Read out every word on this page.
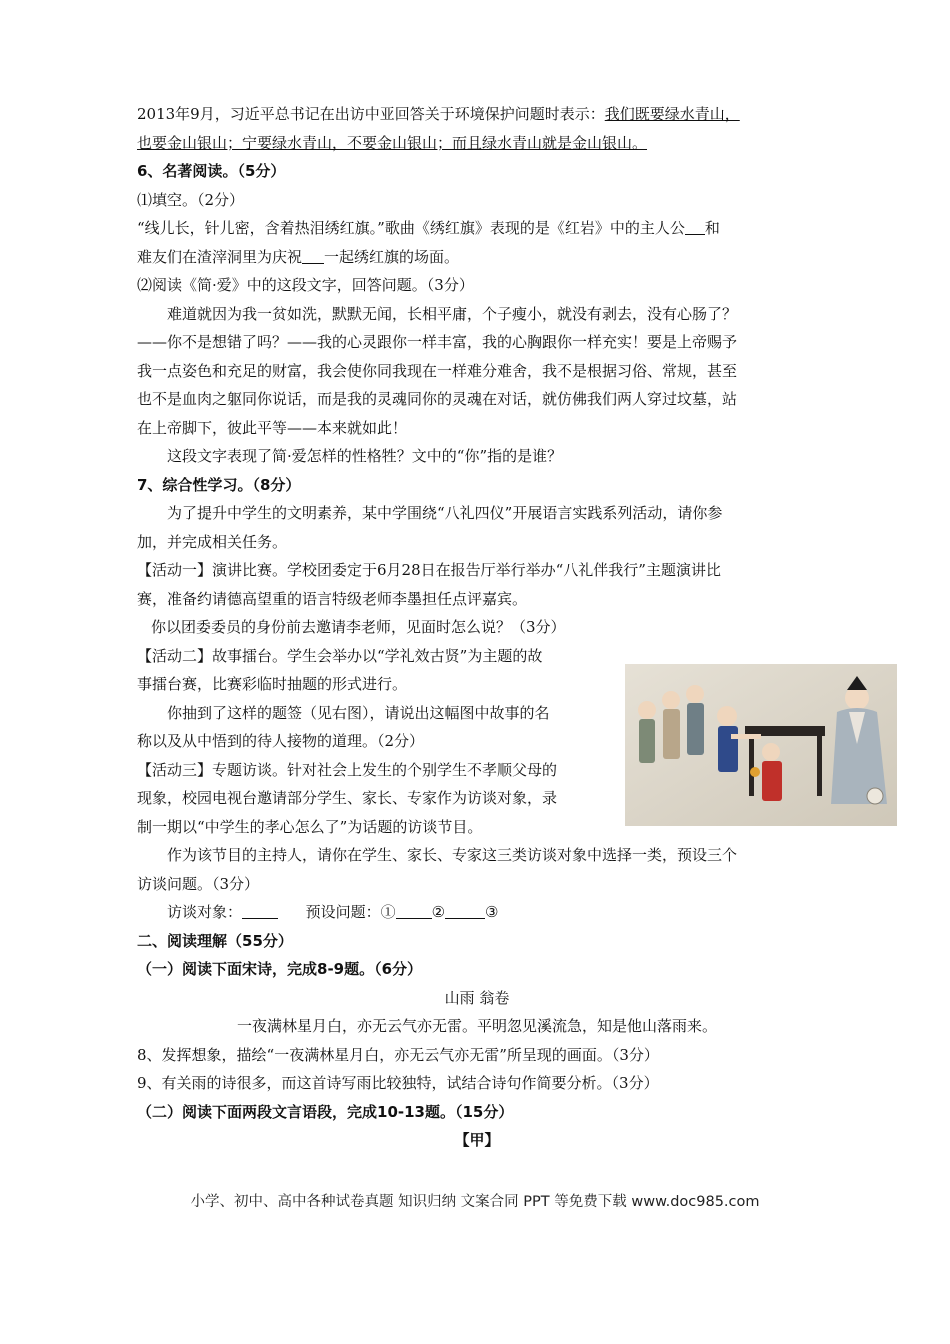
2013年9月，习近平总书记在出访中亚回答关于环境保护问题时表示：我们既要绿水青山，
也要金山银山；宁要绿水青山，不要金山银山；而且绿水青山就是金山银山。
6、名著阅读。（5分）
⑴填空。（2分）
“线儿长，针儿密，含着热泪绣红旗。”歌曲《绣红旗》表现的是《红岩》中的主人公 和
难友们在渣滓洞里为庆祝 一起绣红旗的场面。
⑵阅读《简·爱》中的这段文字，回答问题。（3分）
难道就因为我一贫如洗，默默无闻，长相平庸，个子瘦小，就没有剥去，没有心肠了？
——你不是想错了吗？——我的心灵跟你一样丰富，我的心胸跟你一样充实！要是上帝赐予
我一点姿色和充足的财富，我会使你同我现在一样难分难舍，我不是根据习俗、常规，甚至
也不是血肉之躯同你说话，而是我的灵魂同你的灵魂在对话，就仿佛我们两人穿过坟墓，站
在上帝脚下，彼此平等——本来就如此！
这段文字表现了简·爱怎样的性格牲？文中的“你”指的是谁？
7、综合性学习。（8分）
为了提升中学生的文明素养，某中学围绕“八礼四仪”开展语言实践系列活动，请你参
加，并完成相关任务。
【活动一】演讲比赛。学校团委定于6月28日在报告厅举行举办“八礼伴我行”主题演讲比
赛，准备约请德高望重的语言特级老师李墨担任点评嘉宾。
你以团委委员的身份前去邀请李老师，见面时怎么说？（3分）
【活动二】故事擂台。学生会举办以“学礼效古贤”为主题的故
事擂台赛，比赛彩临时抽题的形式进行。
你抽到了这样的题签（见右图），请说出这幅图中故事的名
称以及从中悟到的待人接物的道理。（2分）
【活动三】专题访谈。针对社会上发生的个别学生不孝顺父母的
现象，校园电视台邀请部分学生、家长、专家作为访谈对象，录
制一期以“中学生的孝心怎么了”为话题的访谈节目。
作为该节目的主持人，请你在学生、家长、专家这三类访谈对象中选择一类，预设三个
访谈问题。（3分）
访谈对象：	预设问题：① ②	③
二、阅读理解（55分）
（一）阅读下面宋诗，完成8-9题。（6分）
山雨 翁卷
一夜满林星月白，亦无云气亦无雷。平明忽见溪流急，知是他山落雨来。
8、发挥想象，描绘“一夜满林星月白，亦无云气亦无雷”所呈现的画面。（3分）
9、有关雨的诗很多，而这首诗写雨比较独特，试结合诗句作简要分析。（3分）
（二）阅读下面两段文言语段，完成10-13题。（15分）
【甲】
小学、初中、高中各种试卷真题 知识归纳 文案合同 PPT 等免费下载 www.doc985.com
